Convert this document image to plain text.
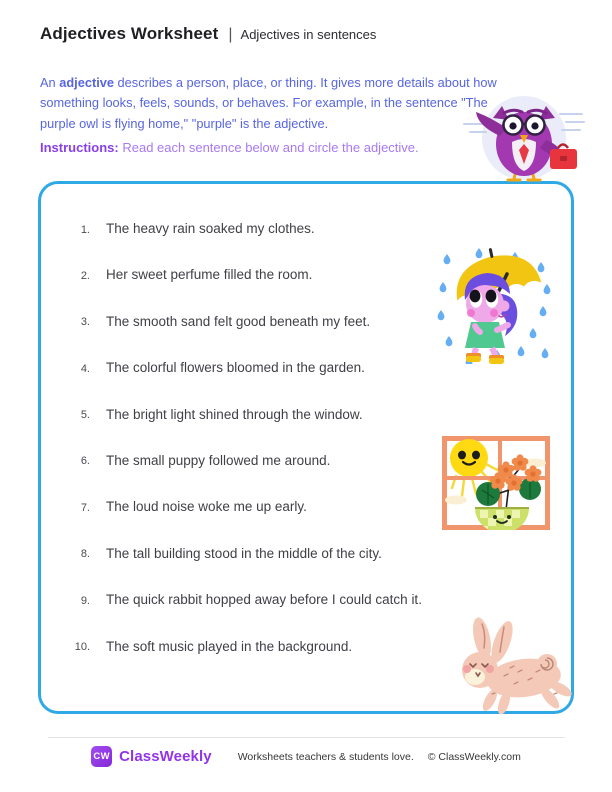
Adjectives Worksheet | Adjectives in sentences

An adjective describes a person, place, or thing. It gives more details about how something looks, feels, sounds, or behaves. For example, in the sentence "The purple owl is flying home," "purple" is the adjective.

Instructions: Read each sentence below and circle the adjective.
1. The heavy rain soaked my clothes.
2. Her sweet perfume filled the room.
3. The smooth sand felt good beneath my feet.
4. The colorful flowers bloomed in the garden.
5. The bright light shined through the window.
6. The small puppy followed me around.
7. The loud noise woke me up early.
8. The tall building stood in the middle of the city.
9. The quick rabbit hopped away before I could catch it.
10. The soft music played in the background.
CW ClassWeekly Worksheets teachers & students love. © ClassWeekly.com
